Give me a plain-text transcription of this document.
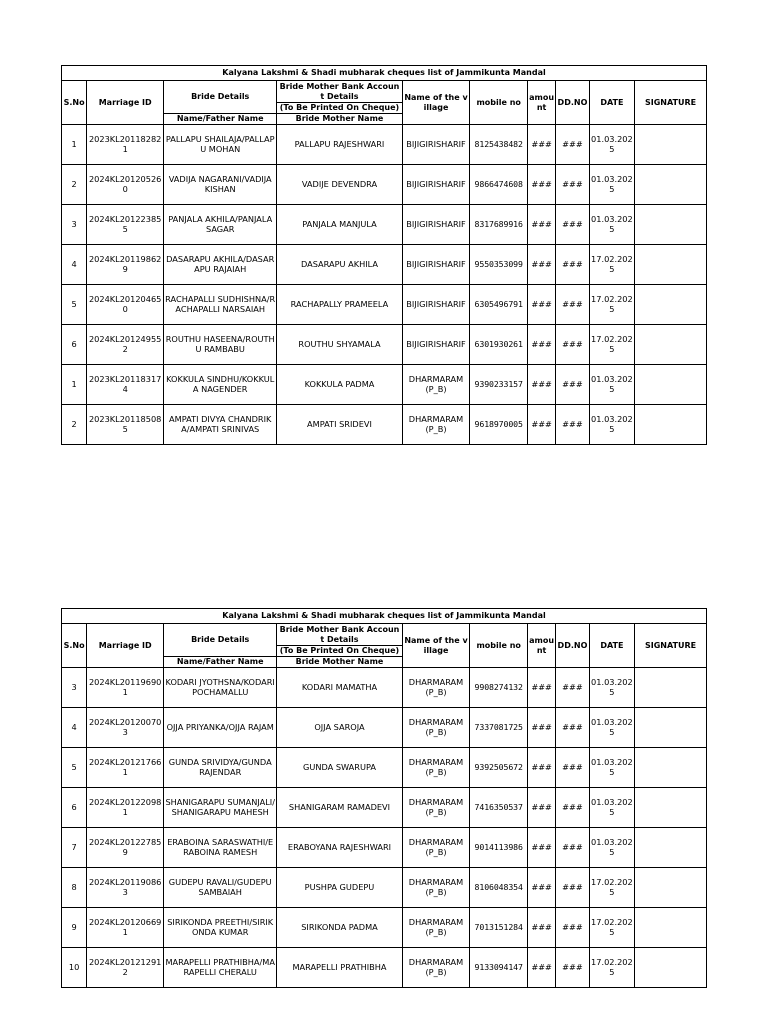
Kalyana Lakshmi & Shadi mubharak cheques list of Jammikunta Mandal									
S.No	Marriage ID	Bride Details	Bride Mother Bank Account Details	Name of the village	mobile no	amount	DD.NO	DATE	SIGNATURE
			(To Be Printed On Cheque)						
		Name/Father Name	Bride Mother Name						
1	2023KL201182821	PALLAPU SHAILAJA/PALLAPU MOHAN	PALLAPU RAJESHWARI	BIJIGIRISHARIF	8125438482	###	###	01.03.2025	
2	2024KL201205260	VADIJA NAGARANI/VADIJA KISHAN	VADIJE DEVENDRA	BIJIGIRISHARIF	9866474608	###	###	01.03.2025	
3	2024KL201223855	PANJALA AKHILA/PANJALA SAGAR	PANJALA MANJULA	BIJIGIRISHARIF	8317689916	###	###	01.03.2025	
4	2024KL201198629	DASARAPU AKHILA/DASARAPU RAJAIAH	DASARAPU AKHILA	BIJIGIRISHARIF	9550353099	###	###	17.02.2025	
5	2024KL201204650	RACHAPALLI SUDHISHNA/RACHAPALLI NARSAIAH	RACHAPALLY PRAMEELA	BIJIGIRISHARIF	6305496791	###	###	17.02.2025	
6	2024KL201249552	ROUTHU HASEENA/ROUTHU RAMBABU	ROUTHU SHYAMALA	BIJIGIRISHARIF	6301930261	###	###	17.02.2025	
1	2023KL201183174	KOKKULA SINDHU/KOKKULA NAGENDER	KOKKULA PADMA	DHARMARAM (P_B)	9390233157	###	###	01.03.2025	
2	2023KL201185085	AMPATI DIVYA CHANDRIKA/AMPATI SRINIVAS	AMPATI SRIDEVI	DHARMARAM (P_B)	9618970005	###	###	01.03.2025	
Kalyana Lakshmi & Shadi mubharak cheques list of Jammikunta Mandal									
S.No	Marriage ID	Bride Details	Bride Mother Bank Account Details	Name of the village	mobile no	amount	DD.NO	DATE	SIGNATURE
			(To Be Printed On Cheque)						
		Name/Father Name	Bride Mother Name						
3	2024KL201196901	KODARI JYOTHSNA/KODARI POCHAMALLU	KODARI MAMATHA	DHARMARAM (P_B)	9908274132	###	###	01.03.2025	
4	2024KL201200703	OJJA PRIYANKA/OJJA RAJAM	OJJA SAROJA	DHARMARAM (P_B)	7337081725	###	###	01.03.2025	
5	2024KL201217661	GUNDA SRIVIDYA/GUNDA RAJENDAR	GUNDA SWARUPA	DHARMARAM (P_B)	9392505672	###	###	01.03.2025	
6	2024KL201220981	SHANIGARAPU SUMANJALI/SHANIGARAPU MAHESH	SHANIGARAM RAMADEVI	DHARMARAM (P_B)	7416350537	###	###	01.03.2025	
7	2024KL201227859	ERABOINA SARASWATHI/ERABOINA RAMESH	ERABOYANA RAJESHWARI	DHARMARAM (P_B)	9014113986	###	###	01.03.2025	
8	2024KL201190863	GUDEPU RAVALI/GUDEPU SAMBAIAH	PUSHPA GUDEPU	DHARMARAM (P_B)	8106048354	###	###	17.02.2025	
9	2024KL201206691	SIRIKONDA PREETHI/SIRIKONDA KUMAR	SIRIKONDA PADMA	DHARMARAM (P_B)	7013151284	###	###	17.02.2025	
10	2024KL201212912	MARAPELLI PRATHIBHA/MARAPELLI CHERALU	MARAPELLI PRATHIBHA	DHARMARAM (P_B)	9133094147	###	###	17.02.2025	
